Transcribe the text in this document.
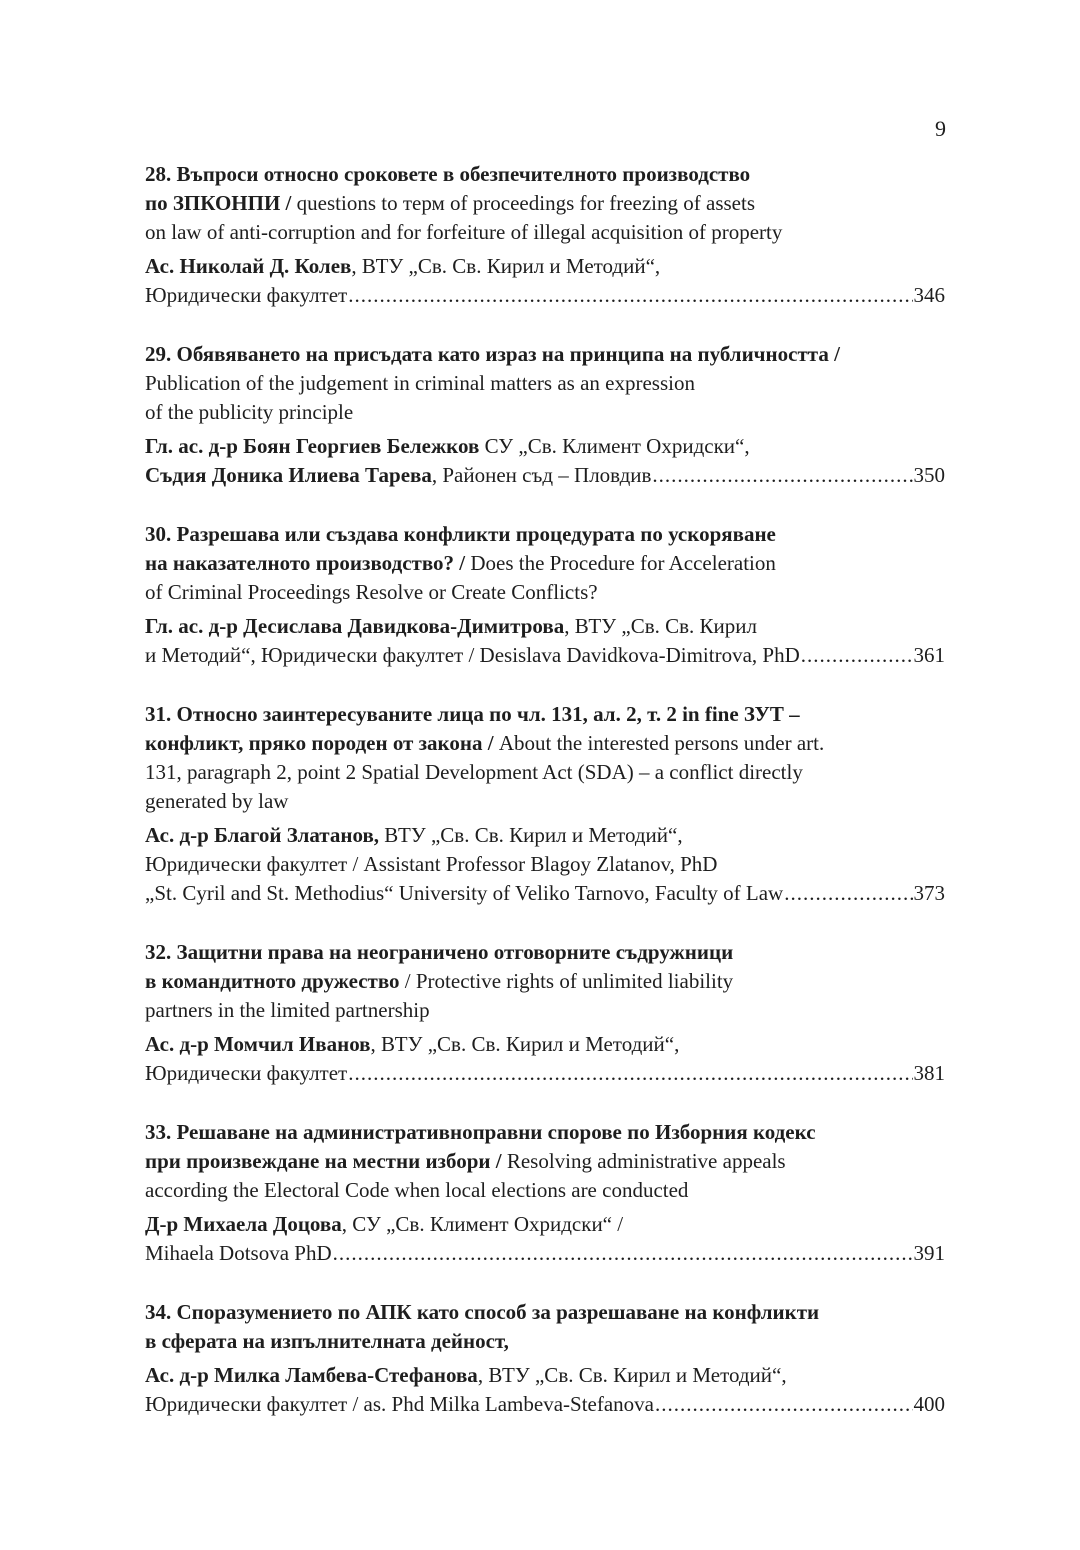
9
28. Въпроси относно сроковете в обезпечителното производство
по ЗПКОНПИ / questions to терм of proceedings for freezing of assets
on law of anti-corruption and for forfeiture of illegal acquisition of property
Ас. Николай Д. Колев, ВТУ „Св. Св. Кирил и Методий“,
Юридически факултет .....	346
29. Обявяването на присъдата като израз на принципа на публичността /
Publication of the judgement in criminal matters as an expression
of the publicity principle
Гл. ас. д-р Боян Георгиев Бележков СУ „Св. Климент Охридски“,
Съдия Доника Илиева Тарева, Районен съд – Пловдив .....	350
30. Разрешава или създава конфликти процедурата по ускоряване
на наказателното производство? / Does the Procedure for Acceleration
of Criminal Proceedings Resolve or Create Conflicts?
Гл. ас. д-р Десислава Давидкова-Димитрова, ВТУ „Св. Св. Кирил
и Методий“, Юридически факултет / Desislava Davidkova-Dimitrova, PhD .....	361
31. Относно заинтересуваните лица по чл. 131, ал. 2, т. 2 in fine ЗУТ –
конфликт, пряко породен от закона / About the interested persons under art.
131, paragraph 2, point 2 Spatial Development Act (SDA) – a conflict directly
generated by law
Ас. д-р Благой Златанов, ВТУ „Св. Св. Кирил и Методий“,
Юридически факултет / Assistant Professor Blagoy Zlatanov, PhD
„St. Cyril and St. Methodius“ University of Veliko Tarnovo, Faculty of Law .....	373
32. Защитни права на неограничено отговорните съдружници
в командитното дружество / Protective rights of unlimited liability
partners in the limited partnership
Ас. д-р Момчил Иванов, ВТУ „Св. Св. Кирил и Методий“,
Юридически факултет .....	381
33. Решаване на административноправни спорове по Изборния кодекс
при произвеждане на местни избори / Resolving administrative appeals
according the Electoral Code when local elections are conducted
Д-р Михаела Доцова, СУ „Св. Климент Охридски“ /
Mihaela Dotsova PhD .....	391
34. Споразумението по АПК като способ за разрешаване на конфликти
в сферата на изпълнителната дейност,
Ас. д-р Милка Ламбева-Стефанова, ВТУ „Св. Св. Кирил и Методий“,
Юридически факултет / as. Phd Milka Lambeva-Stefanova .....	400
